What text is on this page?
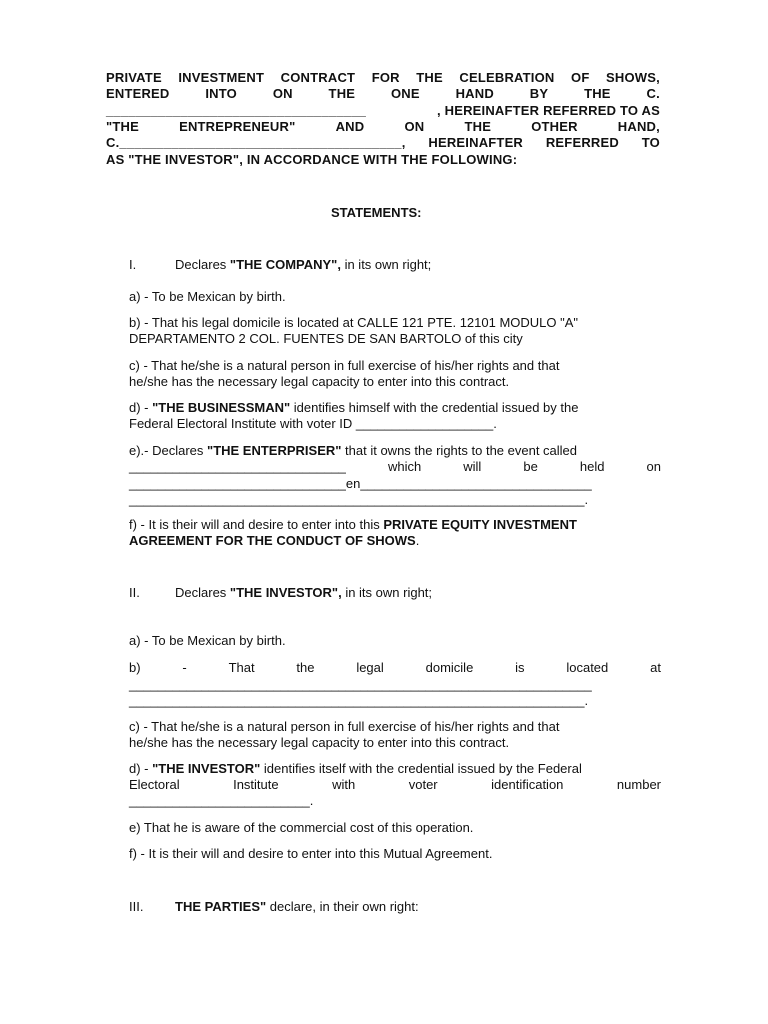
PRIVATE INVESTMENT CONTRACT FOR THE CELEBRATION OF SHOWS,
ENTERED	INTO	ON	THE	ONE	HAND	BY	THE	C.
___________________________________	, HEREINAFTER REFERRED TO AS
"THE	ENTREPRENEUR"	AND	ON	THE	OTHER	HAND,
C.______________________________________, HEREINAFTER REFERRED TO
AS "THE INVESTOR", IN ACCORDANCE WITH THE FOLLOWING:
STATEMENTS:
I.	Declares "THE COMPANY", in its own right;
a) - To be Mexican by birth.
b) - That his legal domicile is located at CALLE 121 PTE. 12101 MODULO "A"
DEPARTAMENTO 2 COL. FUENTES DE SAN BARTOLO of this city
c) - That he/she is a natural person in full exercise of his/her rights and that
he/she has the necessary legal capacity to enter into this contract.
d) - "THE BUSINESSMAN" identifies himself with the credential issued by the
Federal Electoral Institute with voter ID ___________________.
e).- Declares "THE ENTERPRISER" that it owns the rights to the event called
______________________________	which	will	be	held	on
______________________________en________________________________
_______________________________________________________________.
f) - It is their will and desire to enter into this PRIVATE EQUITY INVESTMENT
AGREEMENT FOR THE CONDUCT OF SHOWS.
II.	Declares "THE INVESTOR", in its own right;
a) - To be Mexican by birth.
b)	-	That	the	legal	domicile	is	located	at
________________________________________________________________
_______________________________________________________________.
c) - That he/she is a natural person in full exercise of his/her rights and that
he/she has the necessary legal capacity to enter into this contract.
d) - "THE INVESTOR" identifies itself with the credential issued by the Federal
Electoral	Institute	with	voter	identification	number
_________________________.
e) That he is aware of the commercial cost of this operation.
f) - It is their will and desire to enter into this Mutual Agreement.
III. THE PARTIES" declare, in their own right:
